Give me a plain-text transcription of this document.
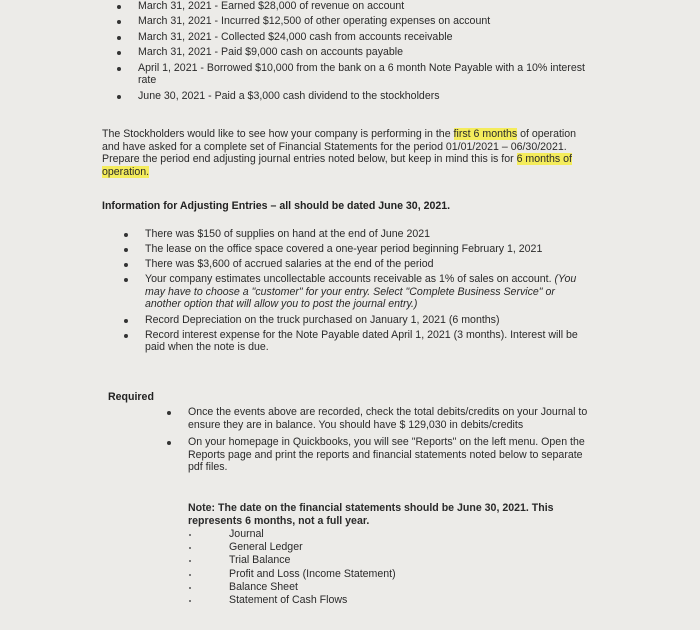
March 31, 2021 - Earned $28,000 of revenue on account
March 31, 2021 - Incurred $12,500 of other operating expenses on account
March 31, 2021 - Collected $24,000 cash from accounts receivable
March 31, 2021 - Paid $9,000 cash on accounts payable
April 1, 2021 - Borrowed $10,000 from the bank on a 6 month Note Payable with a 10% interest rate
June 30, 2021 - Paid a $3,000 cash dividend to the stockholders

The Stockholders would like to see how your company is performing in the first 6 months of operation and have asked for a complete set of Financial Statements for the period 01/01/2021 – 06/30/2021. Prepare the period end adjusting journal entries noted below, but keep in mind this is for 6 months of operation.

Information for Adjusting Entries – all should be dated June 30, 2021.
There was $150 of supplies on hand at the end of June 2021
The lease on the office space covered a one-year period beginning February 1, 2021
There was $3,600 of accrued salaries at the end of the period
Your company estimates uncollectable accounts receivable as 1% of sales on account. (You may have to choose a "customer" for your entry. Select "Complete Business Service" or another option that will allow you to post the journal entry.)
Record Depreciation on the truck purchased on January 1, 2021 (6 months)
Record interest expense for the Note Payable dated April 1, 2021 (3 months). Interest will be paid when the note is due.
Required
Once the events above are recorded, check the total debits/credits on your Journal to ensure they are in balance. You should have $ 129,030 in debits/credits
On your homepage in Quickbooks, you will see "Reports" on the left menu. Open the Reports page and print the reports and financial statements noted below to separate pdf files.
Note: The date on the financial statements should be June 30, 2021. This represents 6 months, not a full year.
Journal
General Ledger
Trial Balance
Profit and Loss (Income Statement)
Balance Sheet
Statement of Cash Flows
